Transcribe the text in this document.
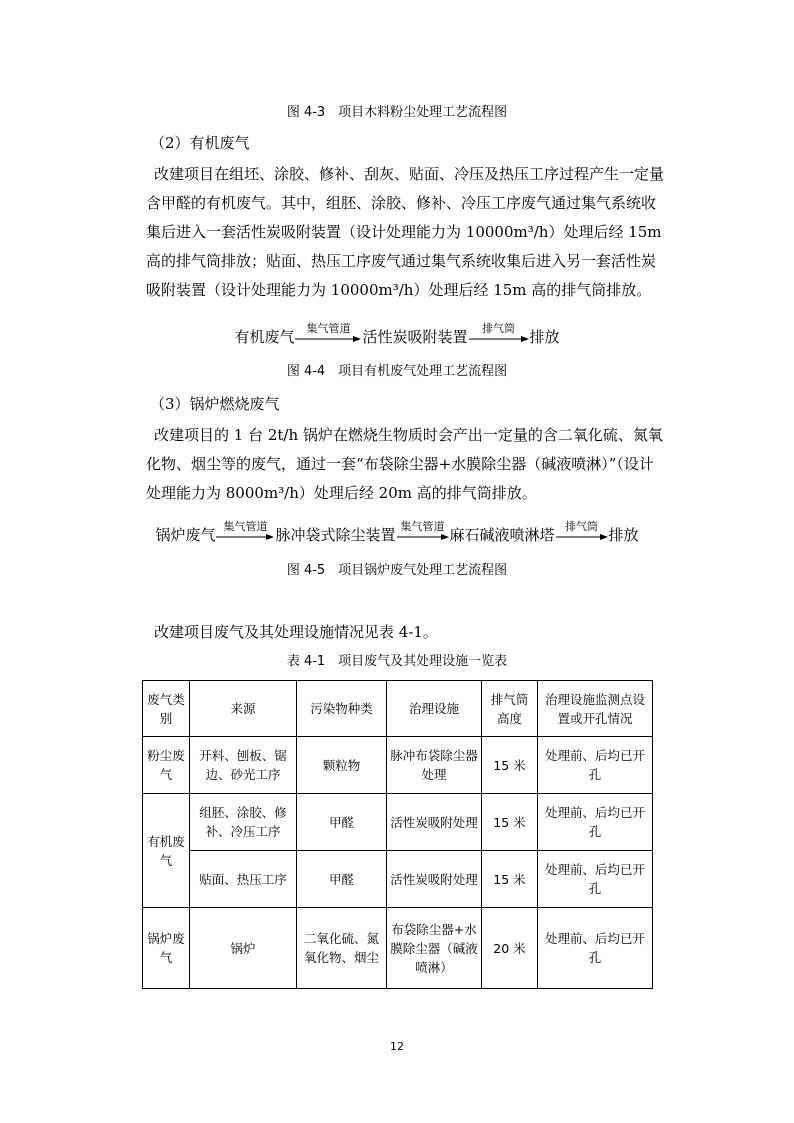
图 4-3　项目木料粉尘处理工艺流程图
（2）有机废气

改建项目在组坯、涂胶、修补、刮灰、贴面、冷压及热压工序过程产生一定量含甲醛的有机废气。其中，组胚、涂胶、修补、冷压工序废气通过集气系统收集后进入一套活性炭吸附装置（设计处理能力为 10000m³/h）处理后经 15m 高的排气筒排放；贴面、热压工序废气通过集气系统收集后进入另一套活性炭吸附装置（设计处理能力为 10000m³/h）处理后经 15m 高的排气筒排放。

有机废气 集气管道 活性炭吸附装置 排气筒 排放
图 4-4　项目有机废气处理工艺流程图
（3）锅炉燃烧废气

改建项目的 1 台 2t/h 锅炉在燃烧生物质时会产出一定量的含二氧化硫、氮氧化物、烟尘等的废气，通过一套“布袋除尘器+水膜除尘器（碱液喷淋）”（设计处理能力为 8000m³/h）处理后经 20m 高的排气筒排放。

锅炉废气 集气管道 脉冲袋式除尘装置 集气管道 麻石碱液喷淋塔 排气筒 排放
图 4-5　项目锅炉废气处理工艺流程图
改建项目废气及其处理设施情况见表 4-1。
表 4-1　项目废气及其处理设施一览表
废气类别	来源	污染物种类	治理设施	排气筒高度	治理设施监测点设置或开孔情况
粉尘废气	开料、刨板、锯边、砂光工序	颗粒物	脉冲布袋除尘器处理	15 米	处理前、后均已开孔
有机废气	组胚、涂胶、修补、冷压工序	甲醛	活性炭吸附处理	15 米	处理前、后均已开孔
	贴面、热压工序	甲醛	活性炭吸附处理	15 米	处理前、后均已开孔
锅炉废气	锅炉	二氧化硫、氮氧化物、烟尘	布袋除尘器+水膜除尘器（碱液喷淋）	20 米	处理前、后均已开孔
12
